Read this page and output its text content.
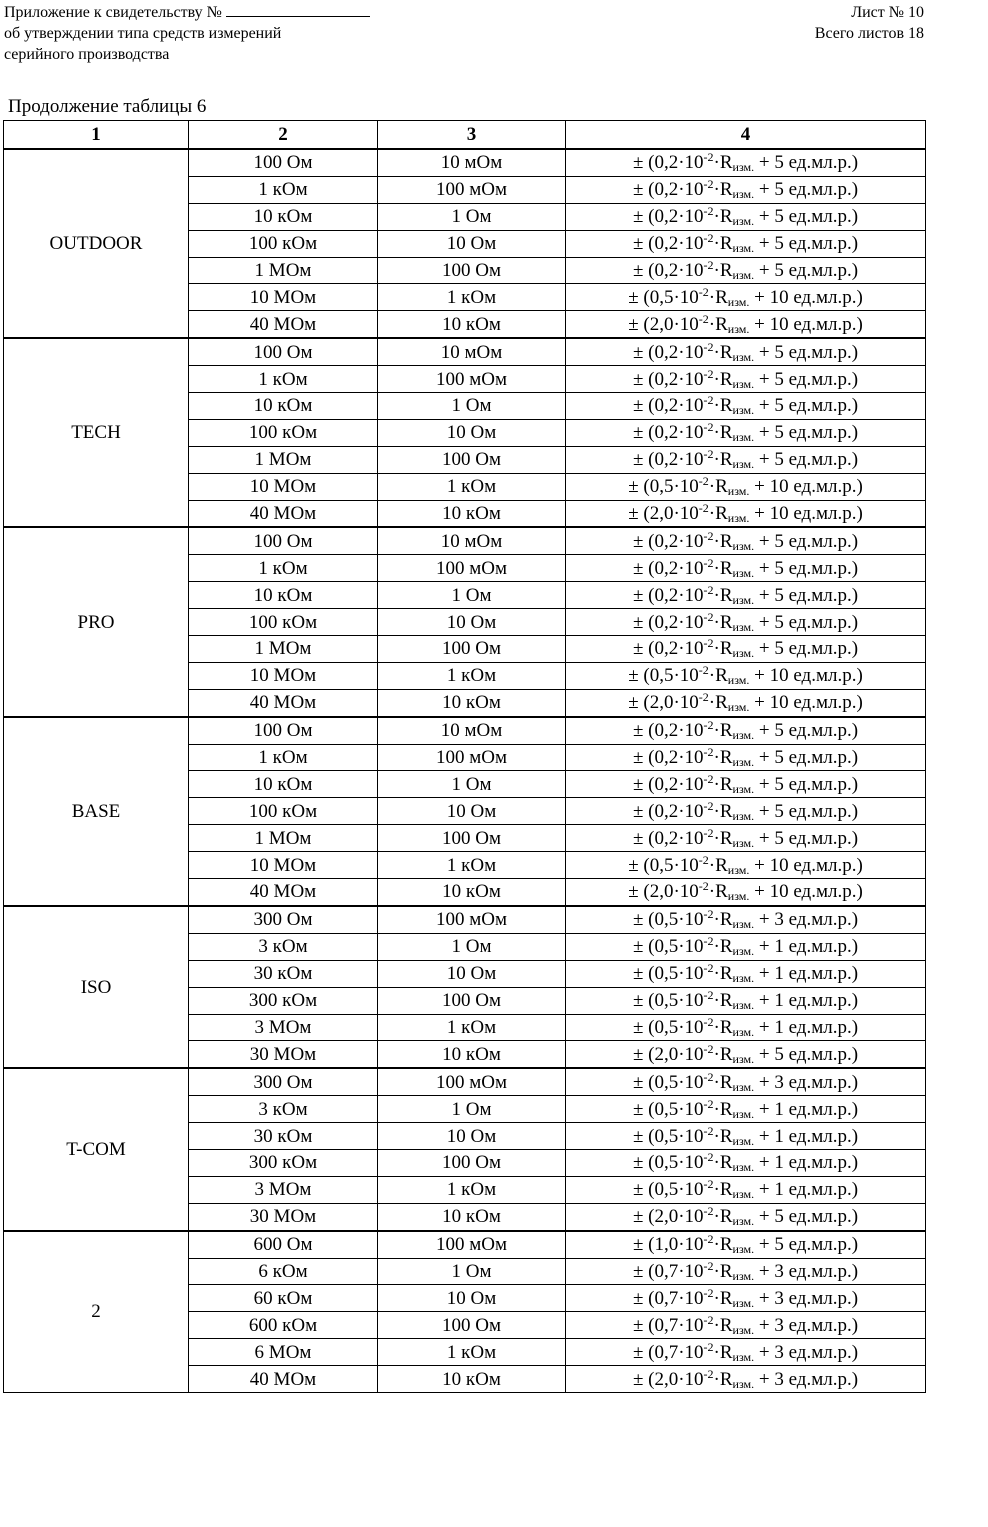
Приложение к свидетельству №
об утверждении типа средств измерений
серийного производства
Лист № 10
Всего листов 18
Продолжение таблицы 6
1	2	3	4
OUTDOOR	100 Ом	10 мОм	± ($0,2\cdot 10^{-2}\cdot R_{изм.} + 5$ ед.мл.р.)
	1 кОм	100 мОм	± ($0,2\cdot 10^{-2}\cdot R_{изм.} + 5$ ед.мл.р.)
	10 кОм	1 Ом	± ($0,2\cdot 10^{-2}\cdot R_{изм.} + 5$ ед.мл.р.)
	100 кОм	10 Ом	± ($0,2\cdot 10^{-2}\cdot R_{изм.} + 5$ ед.мл.р.)
	1 МОм	100 Ом	± ($0,2\cdot 10^{-2}\cdot R_{изм.} + 5$ ед.мл.р.)
	10 МОм	1 кОм	± ($0,5\cdot 10^{-2}\cdot R_{изм.} + 10$ ед.мл.р.)
	40 МОм	10 кОм	± ($2,0\cdot 10^{-2}\cdot R_{изм.} + 10$ ед.мл.р.)
TECH	100 Ом	10 мОм	± ($0,2\cdot 10^{-2}\cdot R_{изм.} + 5$ ед.мл.р.)
	1 кОм	100 мОм	± ($0,2\cdot 10^{-2}\cdot R_{изм.} + 5$ ед.мл.р.)
	10 кОм	1 Ом	± ($0,2\cdot 10^{-2}\cdot R_{изм.} + 5$ ед.мл.р.)
	100 кОм	10 Ом	± ($0,2\cdot 10^{-2}\cdot R_{изм.} + 5$ ед.мл.р.)
	1 МОм	100 Ом	± ($0,2\cdot 10^{-2}\cdot R_{изм.} + 5$ ед.мл.р.)
	10 МОм	1 кОм	± ($0,5\cdot 10^{-2}\cdot R_{изм.} + 10$ ед.мл.р.)
	40 МОм	10 кОм	± ($2,0\cdot 10^{-2}\cdot R_{изм.} + 10$ ед.мл.р.)
PRO	100 Ом	10 мОм	± ($0,2\cdot 10^{-2}\cdot R_{изм.} + 5$ ед.мл.р.)
	1 кОм	100 мОм	± ($0,2\cdot 10^{-2}\cdot R_{изм.} + 5$ ед.мл.р.)
	10 кОм	1 Ом	± ($0,2\cdot 10^{-2}\cdot R_{изм.} + 5$ ед.мл.р.)
	100 кОм	10 Ом	± ($0,2\cdot 10^{-2}\cdot R_{изм.} + 5$ ед.мл.р.)
	1 МОм	100 Ом	± ($0,2\cdot 10^{-2}\cdot R_{изм.} + 5$ ед.мл.р.)
	10 МОм	1 кОм	± ($0,5\cdot 10^{-2}\cdot R_{изм.} + 10$ ед.мл.р.)
	40 МОм	10 кОм	± ($2,0\cdot 10^{-2}\cdot R_{изм.} + 10$ ед.мл.р.)
BASE	100 Ом	10 мОм	± ($0,2\cdot 10^{-2}\cdot R_{изм.} + 5$ ед.мл.р.)
	1 кОм	100 мОм	± ($0,2\cdot 10^{-2}\cdot R_{изм.} + 5$ ед.мл.р.)
	10 кОм	1 Ом	± ($0,2\cdot 10^{-2}\cdot R_{изм.} + 5$ ед.мл.р.)
	100 кОм	10 Ом	± ($0,2\cdot 10^{-2}\cdot R_{изм.} + 5$ ед.мл.р.)
	1 МОм	100 Ом	± ($0,2\cdot 10^{-2}\cdot R_{изм.} + 5$ ед.мл.р.)
	10 МОм	1 кОм	± ($0,5\cdot 10^{-2}\cdot R_{изм.} + 10$ ед.мл.р.)
	40 МОм	10 кОм	± ($2,0\cdot 10^{-2}\cdot R_{изм.} + 10$ ед.мл.р.)
ISO	300 Ом	100 мОм	± ($0,5\cdot 10^{-2}\cdot R_{изм.} + 3$ ед.мл.р.)
	3 кОм	1 Ом	± ($0,5\cdot 10^{-2}\cdot R_{изм.} + 1$ ед.мл.р.)
	30 кОм	10 Ом	± ($0,5\cdot 10^{-2}\cdot R_{изм.} + 1$ ед.мл.р.)
	300 кОм	100 Ом	± ($0,5\cdot 10^{-2}\cdot R_{изм.} + 1$ ед.мл.р.)
	3 МОм	1 кОм	± ($0,5\cdot 10^{-2}\cdot R_{изм.} + 1$ ед.мл.р.)
	30 МОм	10 кОм	± ($2,0\cdot 10^{-2}\cdot R_{изм.} + 5$ ед.мл.р.)
T-COM	300 Ом	100 мОм	± ($0,5\cdot 10^{-2}\cdot R_{изм.} + 3$ ед.мл.р.)
	3 кОм	1 Ом	± ($0,5\cdot 10^{-2}\cdot R_{изм.} + 1$ ед.мл.р.)
	30 кОм	10 Ом	± ($0,5\cdot 10^{-2}\cdot R_{изм.} + 1$ ед.мл.р.)
	300 кОм	100 Ом	± ($0,5\cdot 10^{-2}\cdot R_{изм.} + 1$ ед.мл.р.)
	3 МОм	1 кОм	± ($0,5\cdot 10^{-2}\cdot R_{изм.} + 1$ ед.мл.р.)
	30 МОм	10 кОм	± ($2,0\cdot 10^{-2}\cdot R_{изм.} + 5$ ед.мл.р.)
2	600 Ом	100 мОм	± ($1,0\cdot 10^{-2}\cdot R_{изм.} + 5$ ед.мл.р.)
	6 кОм	1 Ом	± ($0,7\cdot 10^{-2}\cdot R_{изм.} + 3$ ед.мл.р.)
	60 кОм	10 Ом	± ($0,7\cdot 10^{-2}\cdot R_{изм.} + 3$ ед.мл.р.)
	600 кОм	100 Ом	± ($0,7\cdot 10^{-2}\cdot R_{изм.} + 3$ ед.мл.р.)
	6 МОм	1 кОм	± ($0,7\cdot 10^{-2}\cdot R_{изм.} + 3$ ед.мл.р.)
	40 МОм	10 кОм	± ($2,0\cdot 10^{-2}\cdot R_{изм.} + 3$ ед.мл.р.)
